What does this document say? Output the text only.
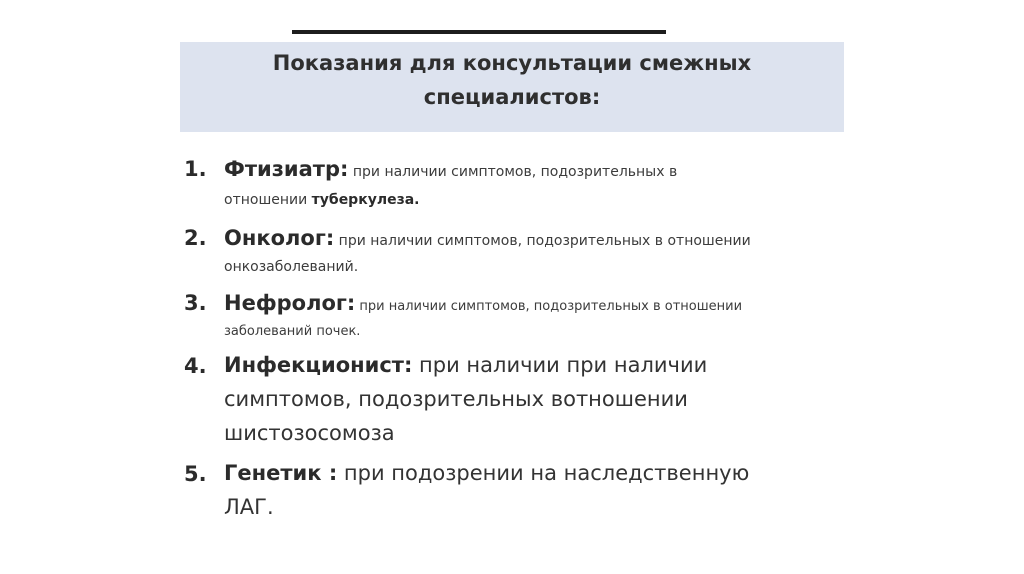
Показания для консультации смежных
специалистов:
1. Фтизиатр: при наличии симптомов, подозрительных в
отношении туберкулеза.
2. Онколог: при наличии симптомов, подозрительных в отношении
онкозаболеваний.
3. Нефролог: при наличии симптомов, подозрительных в отношении
заболеваний почек.
4. Инфекционист: при наличии при наличии
симптомов, подозрительных вотношении
шистозосомоза
5. Генетик : при подозрении на наследственную
ЛАГ.
